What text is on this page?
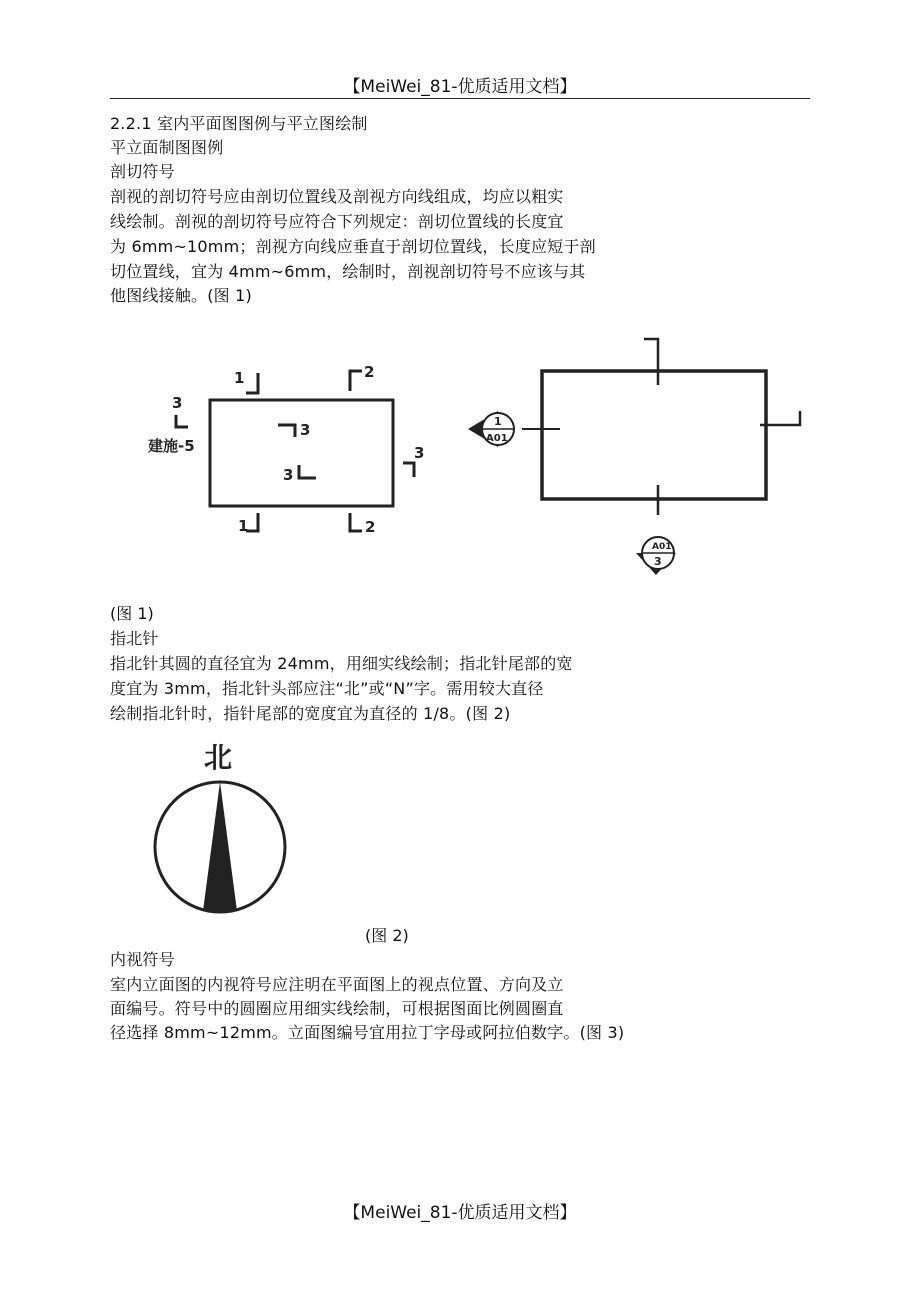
【MeiWei_81-优质适用文档】
2.2.1 室内平面图图例与平立图绘制
平立面制图图例
剖切符号
剖视的剖切符号应由剖切位置线及剖视方向线组成，均应以粗实
线绘制。剖视的剖切符号应符合下列规定：剖切位置线的长度宜
为 6mm~10mm；剖视方向线应垂直于剖切位置线，长度应短于剖
切位置线，宜为 4mm~6mm，绘制时，剖视剖切符号不应该与其
他图线接触。(图 1)
1	2
3
建施-5
3
3
3
1	2
1
A01
3
A01
(图 1)
指北针
指北针其圆的直径宜为 24mm，用细实线绘制；指北针尾部的宽
度宜为 3mm，指北针头部应注“北”或“N”字。需用较大直径
绘制指北针时，指针尾部的宽度宜为直径的 1/8。(图 2)
北
(图 2)
内视符号
室内立面图的内视符号应注明在平面图上的视点位置、方向及立
面编号。符号中的圆圈应用细实线绘制，可根据图面比例圆圈直
径选择 8mm~12mm。立面图编号宜用拉丁字母或阿拉伯数字。(图 3)
【MeiWei_81-优质适用文档】
